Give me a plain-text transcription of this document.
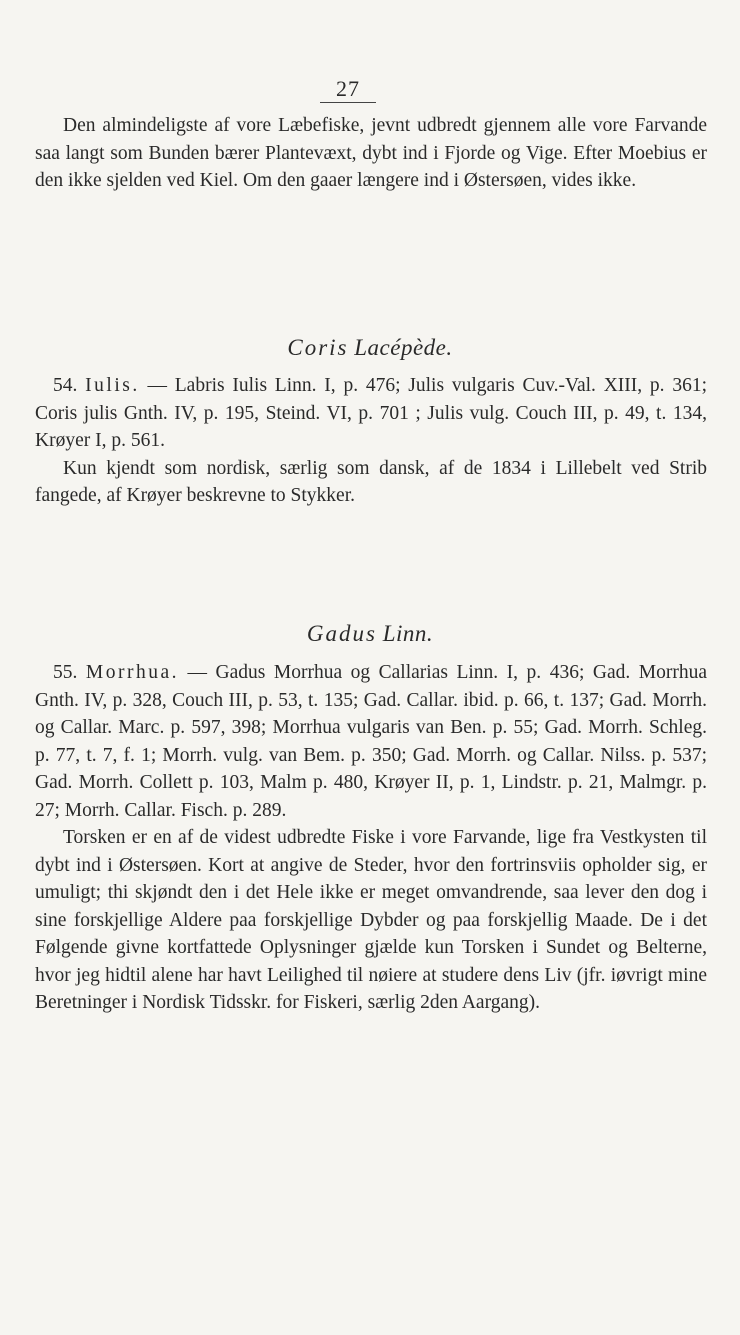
27

Den almindeligste af vore Læbefiske, jevnt udbredt gjennem alle vore Farvande saa langt som Bunden bærer Plantevæxt, dybt ind i Fjorde og Vige. Efter Moebius er den ikke sjelden ved Kiel. Om den gaaer længere ind i Østersøen, vides ikke.

Coris Lacépède.

54. Iulis. — Labris Iulis Linn. I, p. 476; Julis vulgaris Cuv.-Val. XIII, p. 361; Coris julis Gnth. IV, p. 195, Steind. VI, p. 701 ; Julis vulg. Couch III, p. 49, t. 134, Krøyer I, p. 561.

Kun kjendt som nordisk, særlig som dansk, af de 1834 i Lillebelt ved Strib fangede, af Krøyer beskrevne to Stykker.

Gadus Linn.

55. Morrhua. — Gadus Morrhua og Callarias Linn. I, p. 436; Gad. Morrhua Gnth. IV, p. 328, Couch III, p. 53, t. 135; Gad. Callar. ibid. p. 66, t. 137; Gad. Morrh. og Callar. Marc. p. 597, 398; Morrhua vulgaris van Ben. p. 55; Gad. Morrh. Schleg. p. 77, t. 7, f. 1; Morrh. vulg. van Bem. p. 350; Gad. Morrh. og Callar. Nilss. p. 537; Gad. Morrh. Collett p. 103, Malm p. 480, Krøyer II, p. 1, Lindstr. p. 21, Malmgr. p. 27; Morrh. Callar. Fisch. p. 289.

Torsken er en af de videst udbredte Fiske i vore Farvande, lige fra Vestkysten til dybt ind i Østersøen. Kort at angive de Steder, hvor den fortrinsviis opholder sig, er umuligt; thi skjøndt den i det Hele ikke er meget omvandrende, saa lever den dog i sine forskjellige Aldere paa forskjellige Dybder og paa forskjellig Maade. De i det Følgende givne kortfattede Oplysninger gjælde kun Torsken i Sundet og Belterne, hvor jeg hidtil alene har havt Leilighed til nøiere at studere dens Liv (jfr. iøvrigt mine Beretninger i Nordisk Tidsskr. for Fiskeri, særlig 2den Aargang).
